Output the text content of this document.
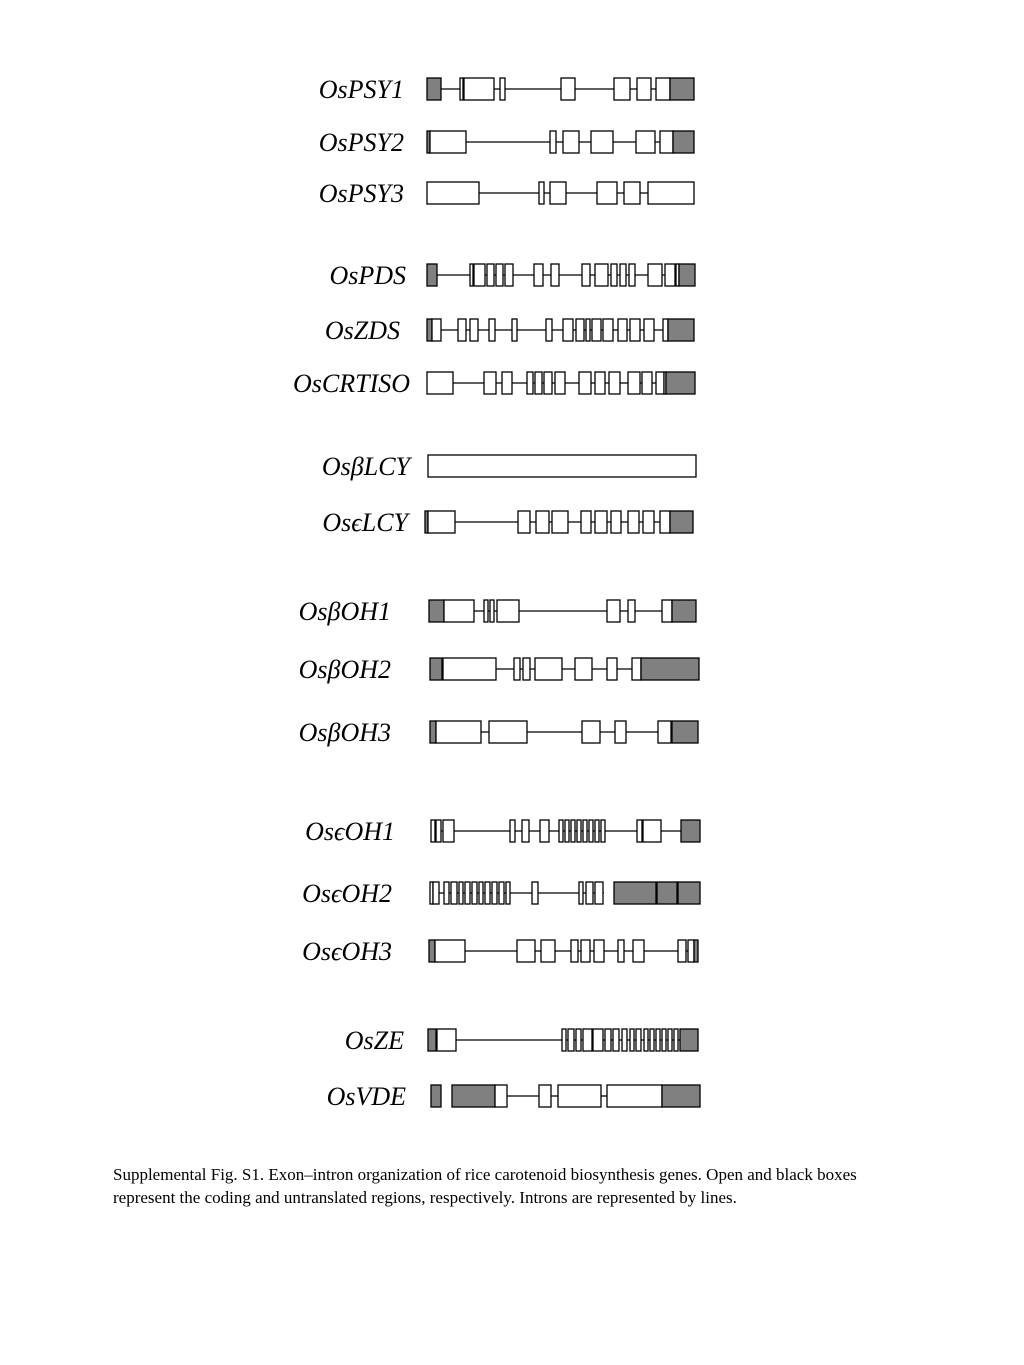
OsPSY1
OsPSY2
OsPSY3
OsPDS
OsZDS
OsCRTISO
OsβLCY
OsϵLCY
OsβOH1
OsβOH2
OsβOH3
OsϵOH1
OsϵOH2
OsϵOH3
OsZE
OsVDE
Supplemental Fig. S1. Exon–intron organization of rice carotenoid biosynthesis genes. Open and black boxes represent the coding and untranslated regions, respectively. Introns are represented by lines.
